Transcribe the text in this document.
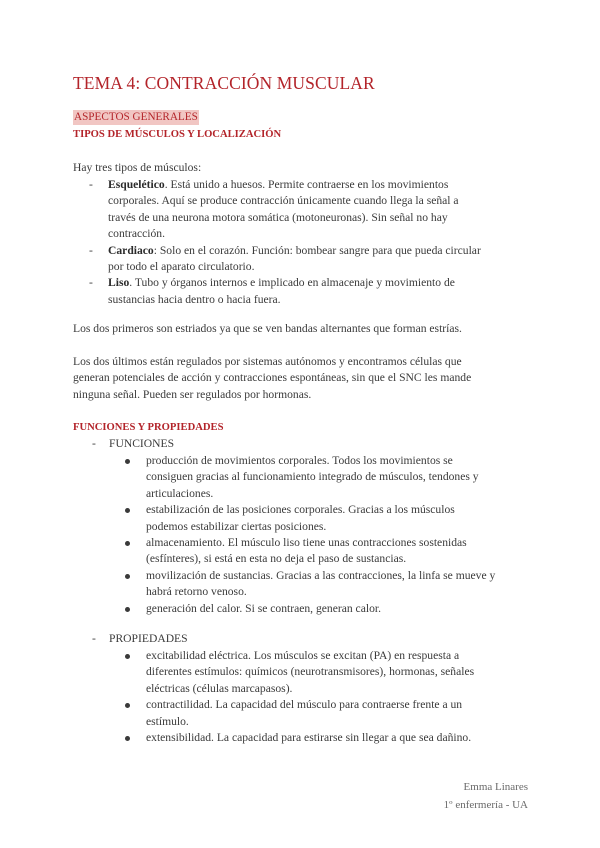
TEMA 4: CONTRACCIÓN MUSCULAR
ASPECTOS GENERALES
TIPOS DE MÚSCULOS Y LOCALIZACIÓN
Hay tres tipos de músculos:
- Esquelético. Está unido a huesos. Permite contraerse en los movimientos
corporales. Aquí se produce contracción únicamente cuando llega la señal a
través de una neurona motora somática (motoneuronas). Sin señal no hay
contracción.
- Cardiaco: Solo en el corazón. Función: bombear sangre para que pueda circular
por todo el aparato circulatorio.
- Liso. Tubo y órganos internos e implicado en almacenaje y movimiento de
sustancias hacia dentro o hacia fuera.
Los dos primeros son estriados ya que se ven bandas alternantes que forman estrías.
Los dos últimos están regulados por sistemas autónomos y encontramos células que
generan potenciales de acción y contracciones espontáneas, sin que el SNC les mande
ninguna señal. Pueden ser regulados por hormonas.
FUNCIONES Y PROPIEDADES
- FUNCIONES
producción de movimientos corporales. Todos los movimientos se
consiguen gracias al funcionamiento integrado de músculos, tendones y
articulaciones.
estabilización de las posiciones corporales. Gracias a los músculos
podemos estabilizar ciertas posiciones.
almacenamiento. El músculo liso tiene unas contracciones sostenidas
(esfínteres), si está en esta no deja el paso de sustancias.
movilización de sustancias. Gracias a las contracciones, la linfa se mueve y
habrá retorno venoso.
generación del calor. Si se contraen, generan calor.
- PROPIEDADES
excitabilidad eléctrica. Los músculos se excitan (PA) en respuesta a
diferentes estímulos: químicos (neurotransmisores), hormonas, señales
eléctricas (células marcapasos).
contractilidad. La capacidad del músculo para contraerse frente a un
estímulo.
extensibilidad. La capacidad para estirarse sin llegar a que sea dañino.
Emma Linares
1º enfermería - UA
